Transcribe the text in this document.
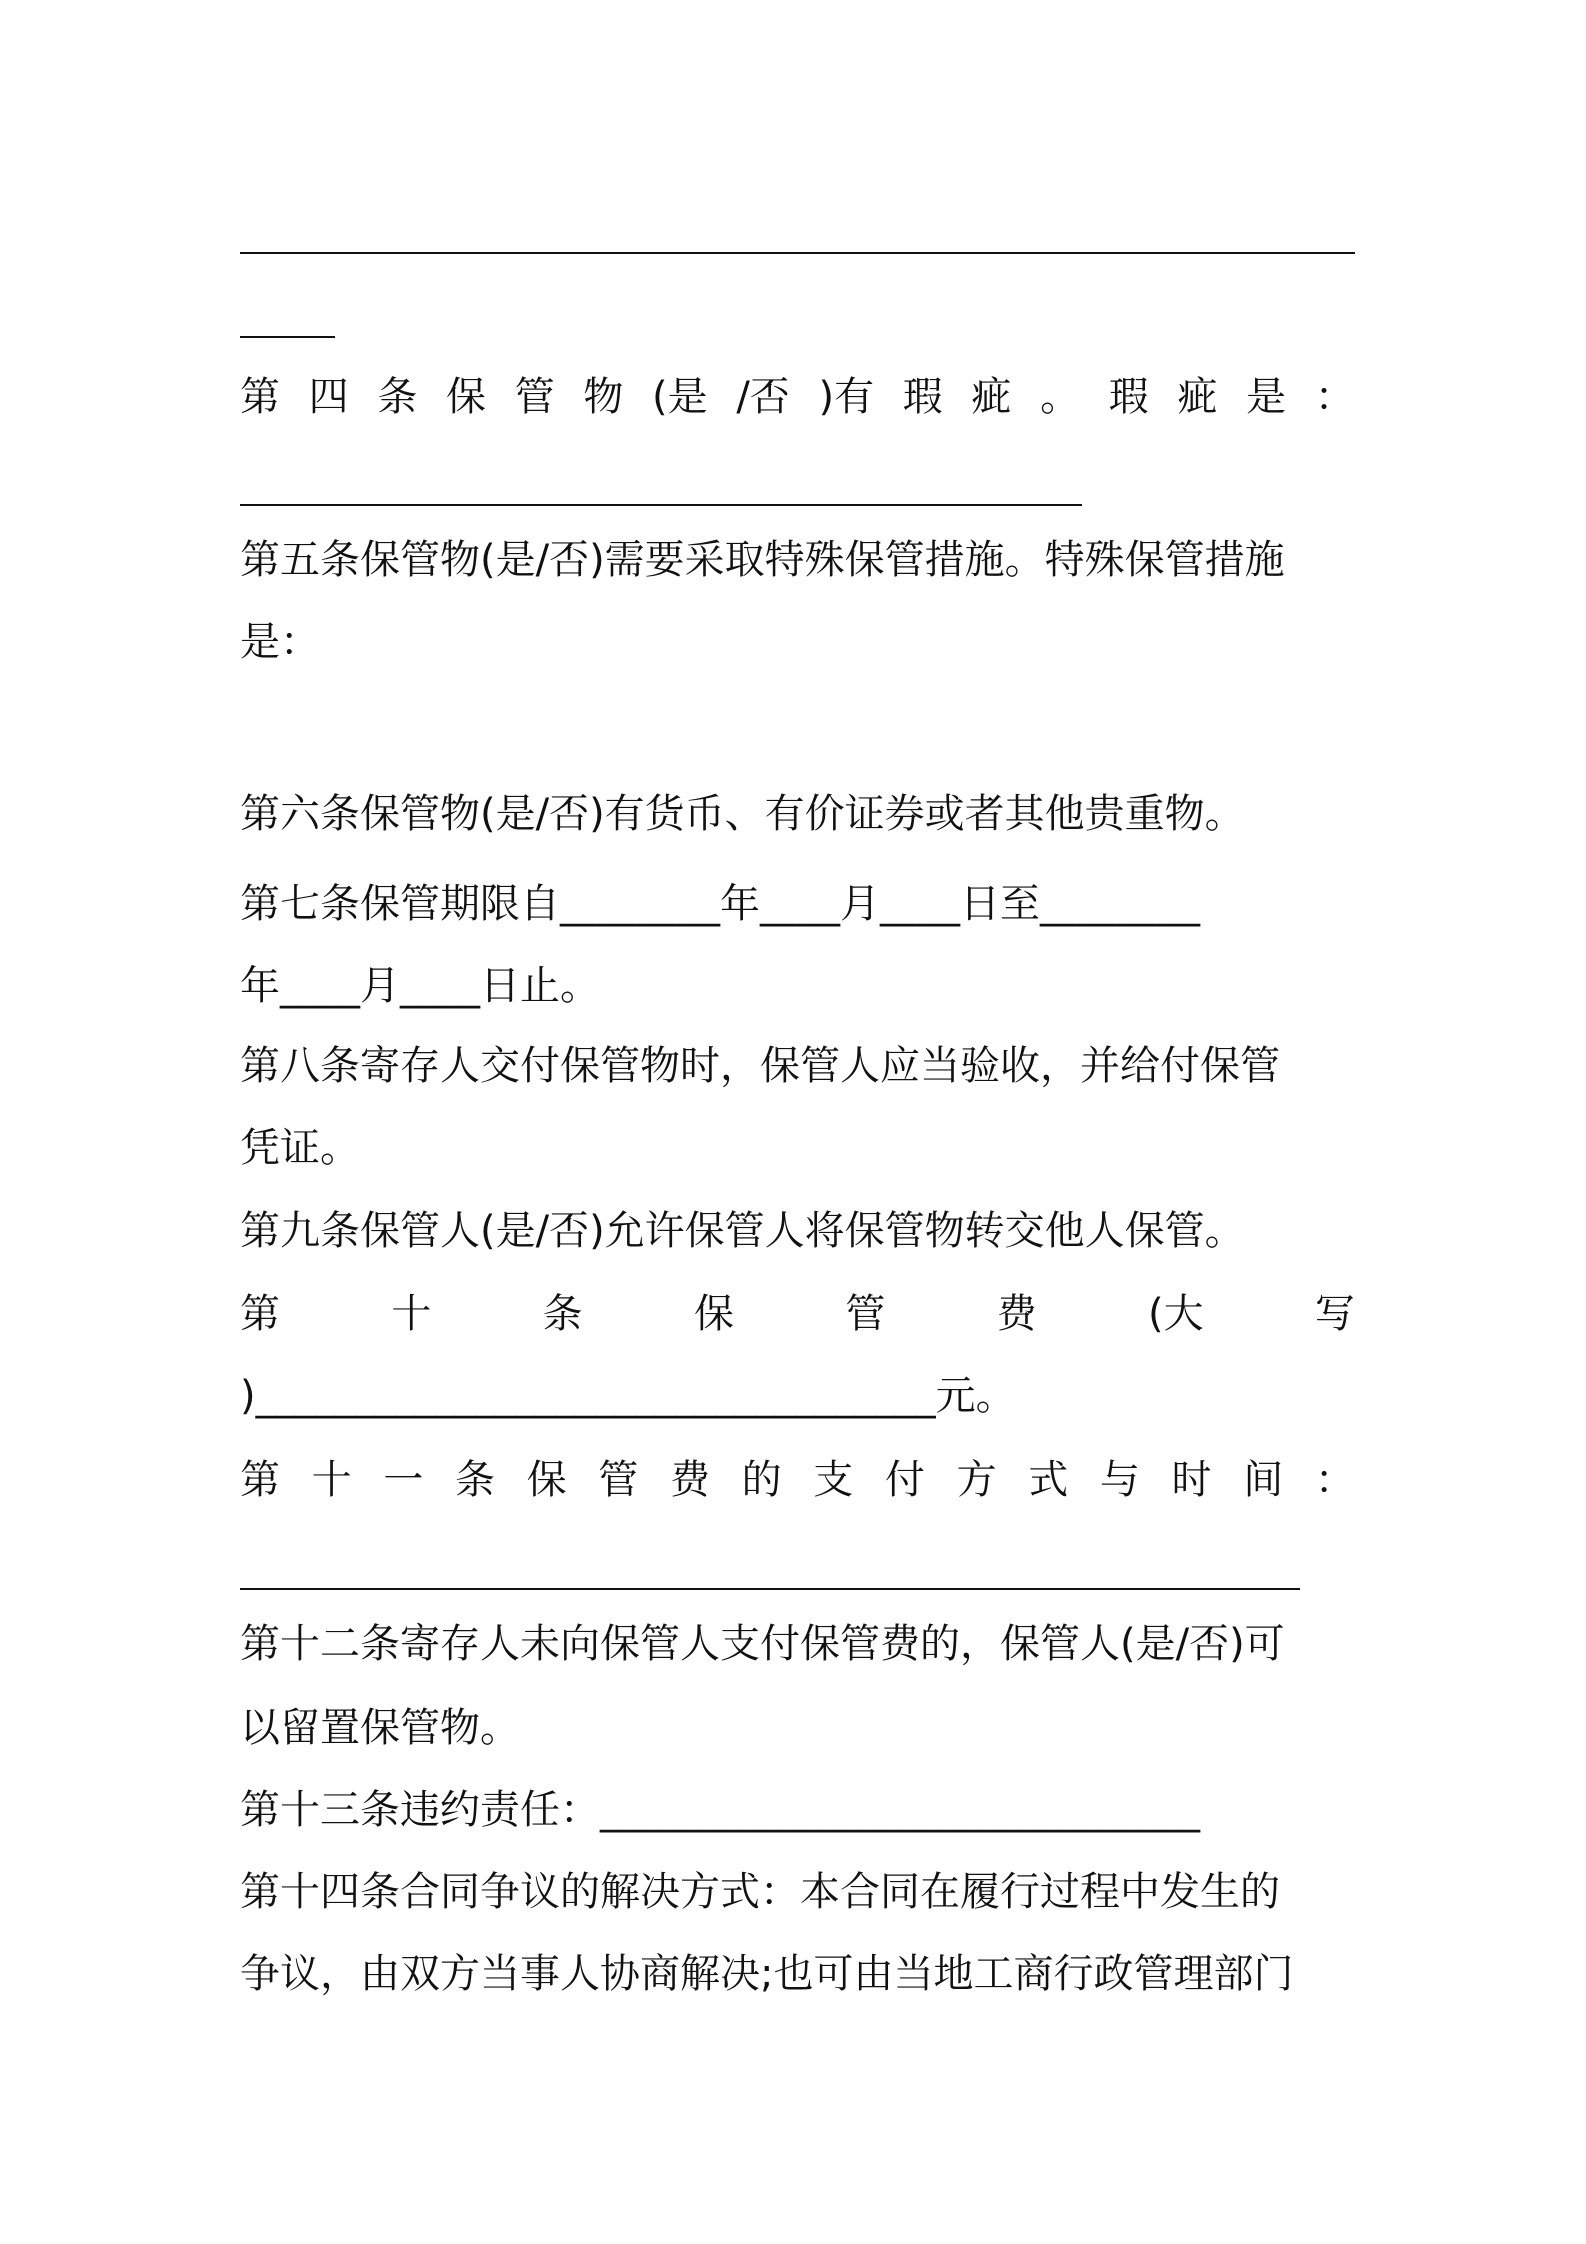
第 四 条 保 管 物 (是 /否 )有 瑕 疵 。 瑕 疵 是 ：

第五条保管物(是/否)需要采取特殊保管措施。特殊保管措施

是：

第六条保管物(是/否)有货币、有价证券或者其他贵重物。

第七条保管期限自________年____月____日至________

年____月____日止。

第八条寄存人交付保管物时，保管人应当验收，并给付保管

凭证。

第九条保管人(是/否)允许保管人将保管物转交他人保管。

第	十	条	保	管	费	(大	写

)__________________________________元。

第 十 一 条 保 管 费 的 支 付 方 式 与 时 间 ：

第十二条寄存人未向保管人支付保管费的，保管人(是/否)可

以留置保管物。

第十三条违约责任：______________________________

第十四条合同争议的解决方式：本合同在履行过程中发生的

争议，由双方当事人协商解决;也可由当地工商行政管理部门
